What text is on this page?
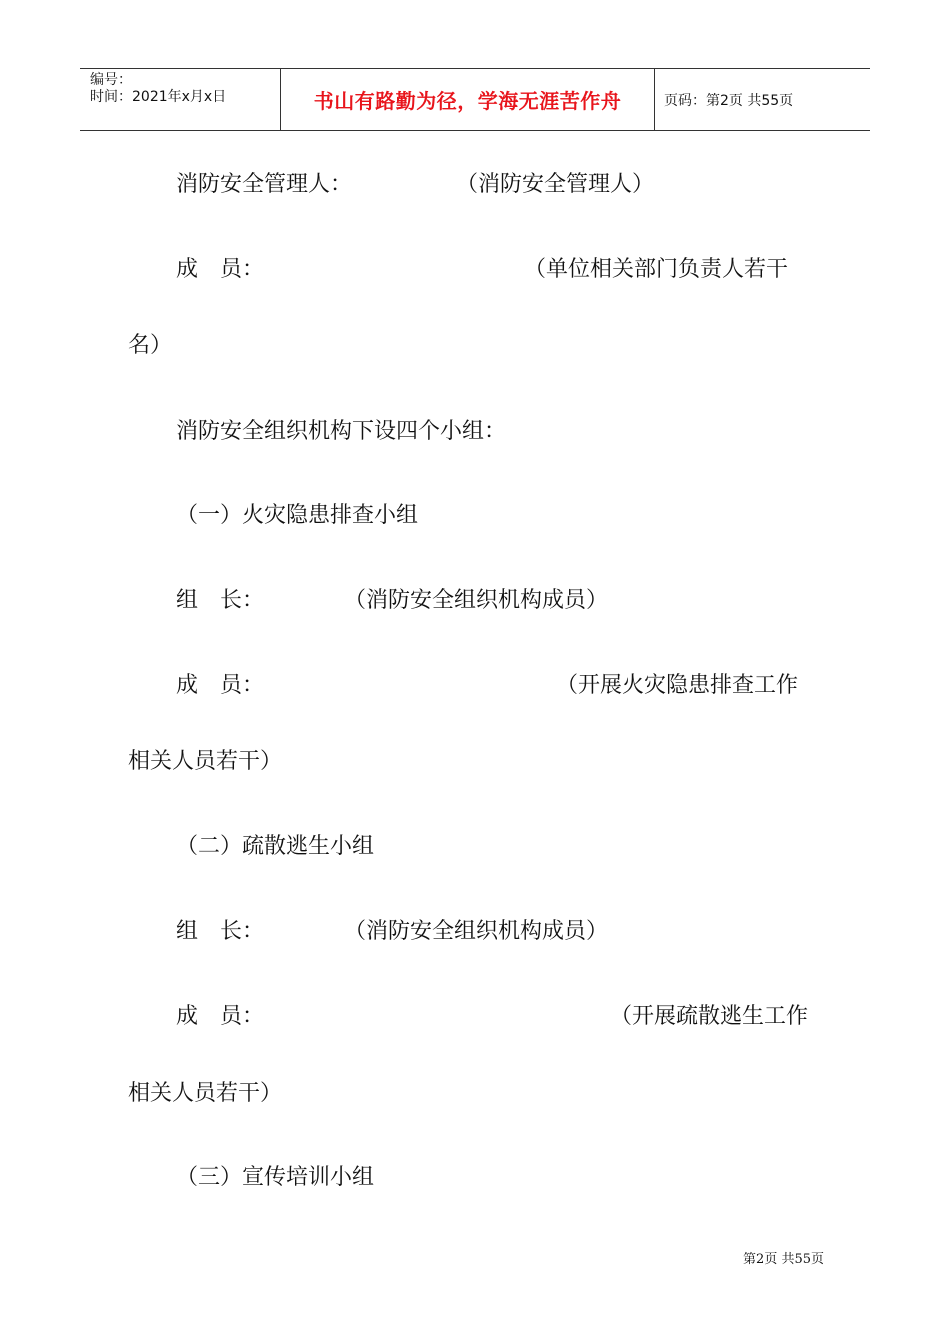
编号：
时间：2021年x月x日	书山有路勤为径，学海无涯苦作舟	页码：第2页 共55页
消防安全管理人：	（消防安全管理人）
成　员：	（单位相关部门负责人若干
名）
消防安全组织机构下设四个小组：
（一）火灾隐患排查小组
组　长：	（消防安全组织机构成员）
成　员：	（开展火灾隐患排查工作
相关人员若干）
（二）疏散逃生小组
组　长：	（消防安全组织机构成员）
成　员：	（开展疏散逃生工作
相关人员若干）
（三）宣传培训小组
第2页 共55页
